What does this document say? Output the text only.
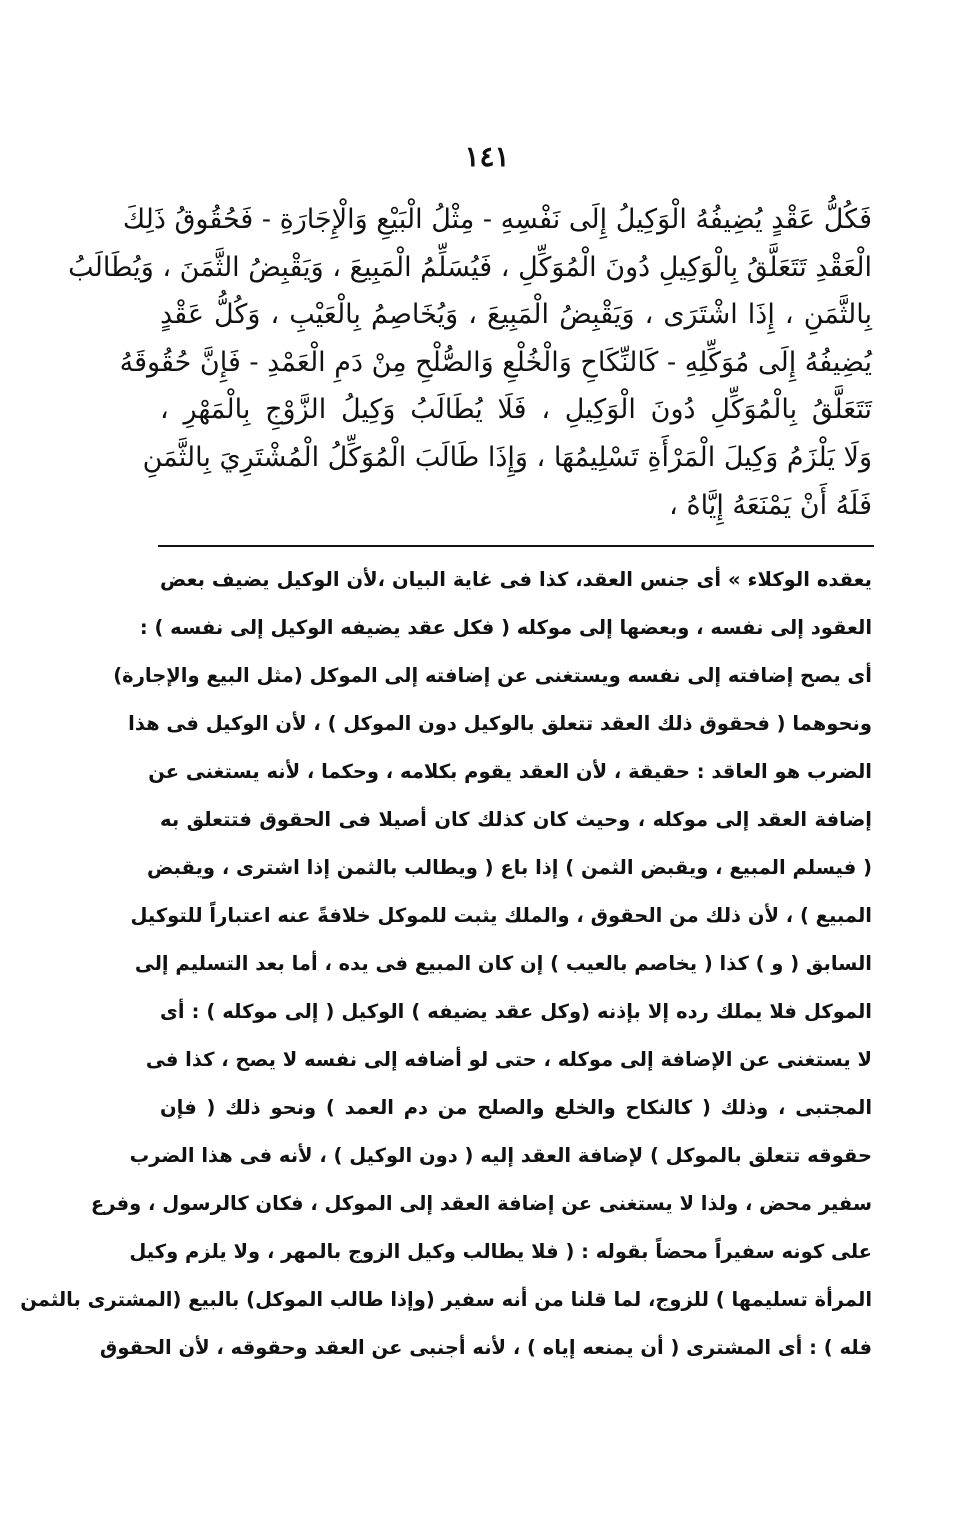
١٤١
فَكُلُّ عَقْدٍ يُضِيفُهُ الْوَكِيلُ إِلَى نَفْسِهِ - مِثْلُ الْبَيْعِ وَالْإِجَارَةِ - فَحُقُوقُ ذَلِكَ
الْعَقْدِ تَتَعَلَّقُ بِالْوَكِيلِ دُونَ الْمُوَكِّلِ ، فَيُسَلِّمُ الْمَبِيعَ ، وَيَقْبِضُ الثَّمَنَ ، وَيُطَالَبُ
بِالثَّمَنِ ، إِذَا اشْتَرَى ، وَيَقْبِضُ الْمَبِيعَ ، وَيُخَاصِمُ بِالْعَيْبِ ، وَكُلُّ عَقْدٍ
يُضِيفُهُ إِلَى مُوَكِّلِهِ - كَالنِّكَاحِ وَالْخُلْعِ وَالصُّلْحِ مِنْ دَمِ الْعَمْدِ - فَإِنَّ حُقُوقَهُ
تَتَعَلَّقُ بِالْمُوَكِّلِ دُونَ الْوَكِيلِ ، فَلَا يُطَالَبُ وَكِيلُ الزَّوْجِ بِالْمَهْرِ ،
وَلَا يَلْزَمُ وَكِيلَ الْمَرْأَةِ تَسْلِيمُهَا ، وَإِذَا طَالَبَ الْمُوَكِّلُ الْمُشْتَرِيَ بِالثَّمَنِ
فَلَهُ أَنْ يَمْنَعَهُ إِيَّاهُ ،
يعقده الوكلاء » أى جنس العقد، كذا فى غاية البيان ،لأن الوكيل يضيف بعض
العقود إلى نفسه ، وبعضها إلى موكله ( فكل عقد يضيفه الوكيل إلى نفسه ) :
أى يصح إضافته إلى نفسه ويستغنى عن إضافته إلى الموكل (مثل البيع والإجارة)
ونحوهما ( فحقوق ذلك العقد تتعلق بالوكيل دون الموكل ) ، لأن الوكيل فى هذا
الضرب هو العاقد : حقيقة ، لأن العقد يقوم بكلامه ، وحكما ، لأنه يستغنى عن
إضافة العقد إلى موكله ، وحيث كان كذلك كان أصيلا فى الحقوق فتتعلق به
( فيسلم المبيع ، ويقبض الثمن ) إذا باع ( ويطالب بالثمن إذا اشترى ، ويقبض
المبيع ) ، لأن ذلك من الحقوق ، والملك يثبت للموكل خلافةً عنه اعتباراً للتوكيل
السابق ( و ) كذا ( يخاصم بالعيب ) إن كان المبيع فى يده ، أما بعد التسليم إلى
الموكل فلا يملك رده إلا بإذنه (وكل عقد يضيفه ) الوكيل ( إلى موكله ) : أى
لا يستغنى عن الإضافة إلى موكله ، حتى لو أضافه إلى نفسه لا يصح ، كذا فى
المجتبى ، وذلك ( كالنكاح والخلع والصلح من دم العمد ) ونحو ذلك ( فإن
حقوقه تتعلق بالموكل ) لإضافة العقد إليه ( دون الوكيل ) ، لأنه فى هذا الضرب
سفير محض ، ولذا لا يستغنى عن إضافة العقد إلى الموكل ، فكان كالرسول ، وفرع
على كونه سفيراً محضاً بقوله : ( فلا يطالب وكيل الزوج بالمهر ، ولا يلزم وكيل
المرأة تسليمها ) للزوج، لما قلنا من أنه سفير (وإذا طالب الموكل) بالبيع (المشترى بالثمن
فله ) : أى المشترى ( أن يمنعه إياه ) ، لأنه أجنبى عن العقد وحقوقه ، لأن الحقوق
